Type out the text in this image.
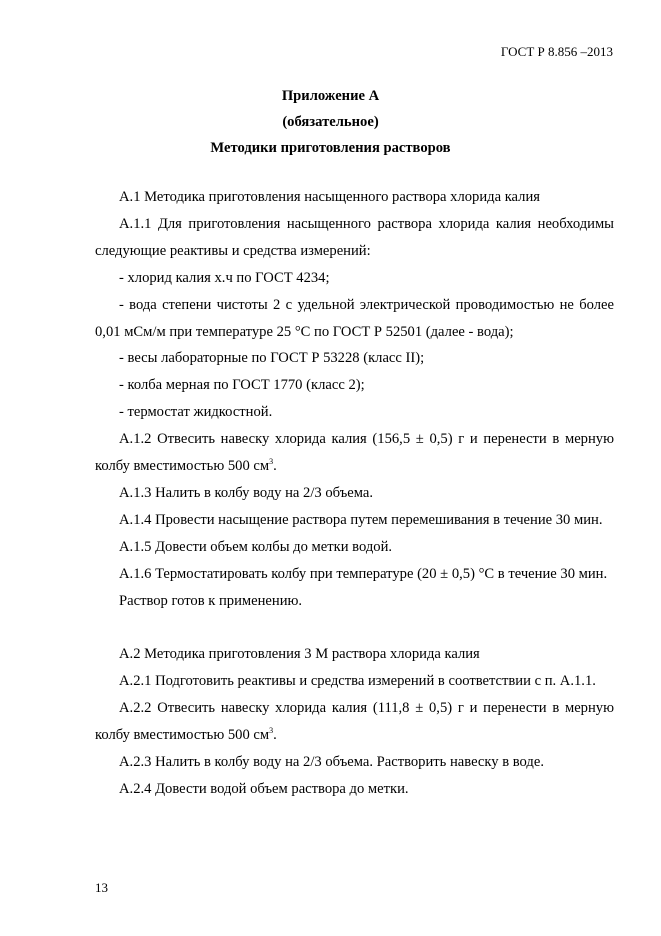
ГОСТ Р 8.856 –2013
Приложение А
(обязательное)
Методики приготовления растворов

А.1 Методика приготовления насыщенного раствора хлорида калия

А.1.1 Для приготовления насыщенного раствора хлорида калия необходимы следующие реактивы и средства измерений:

- хлорид калия х.ч по ГОСТ 4234;

- вода степени чистоты 2 с удельной электрической проводимостью не более 0,01 мСм/м при температуре 25 °С по ГОСТ Р 52501 (далее - вода);

- весы лабораторные по ГОСТ Р 53228 (класс II);

- колба мерная по ГОСТ 1770 (класс 2);

- термостат жидкостной.

А.1.2 Отвесить навеску хлорида калия (156,5 ± 0,5) г и перенести в мерную колбу вместимостью 500 $см^3$.

А.1.3 Налить в колбу воду на 2/3 объема.

А.1.4 Провести насыщение раствора путем перемешивания в течение 30 мин.

А.1.5 Довести объем колбы до метки водой.

А.1.6 Термостатировать колбу при температуре (20 ± 0,5) °С в течение 30 мин.

Раствор готов к применению.

А.2 Методика приготовления 3 М раствора хлорида калия

А.2.1 Подготовить реактивы и средства измерений в соответствии с п. А.1.1.

А.2.2 Отвесить навеску хлорида калия (111,8 ± 0,5) г и перенести в мерную колбу вместимостью 500 $см^3$.

А.2.3 Налить в колбу воду на 2/3 объема. Растворить навеску в воде.

А.2.4 Довести водой объем раствора до метки.

13
